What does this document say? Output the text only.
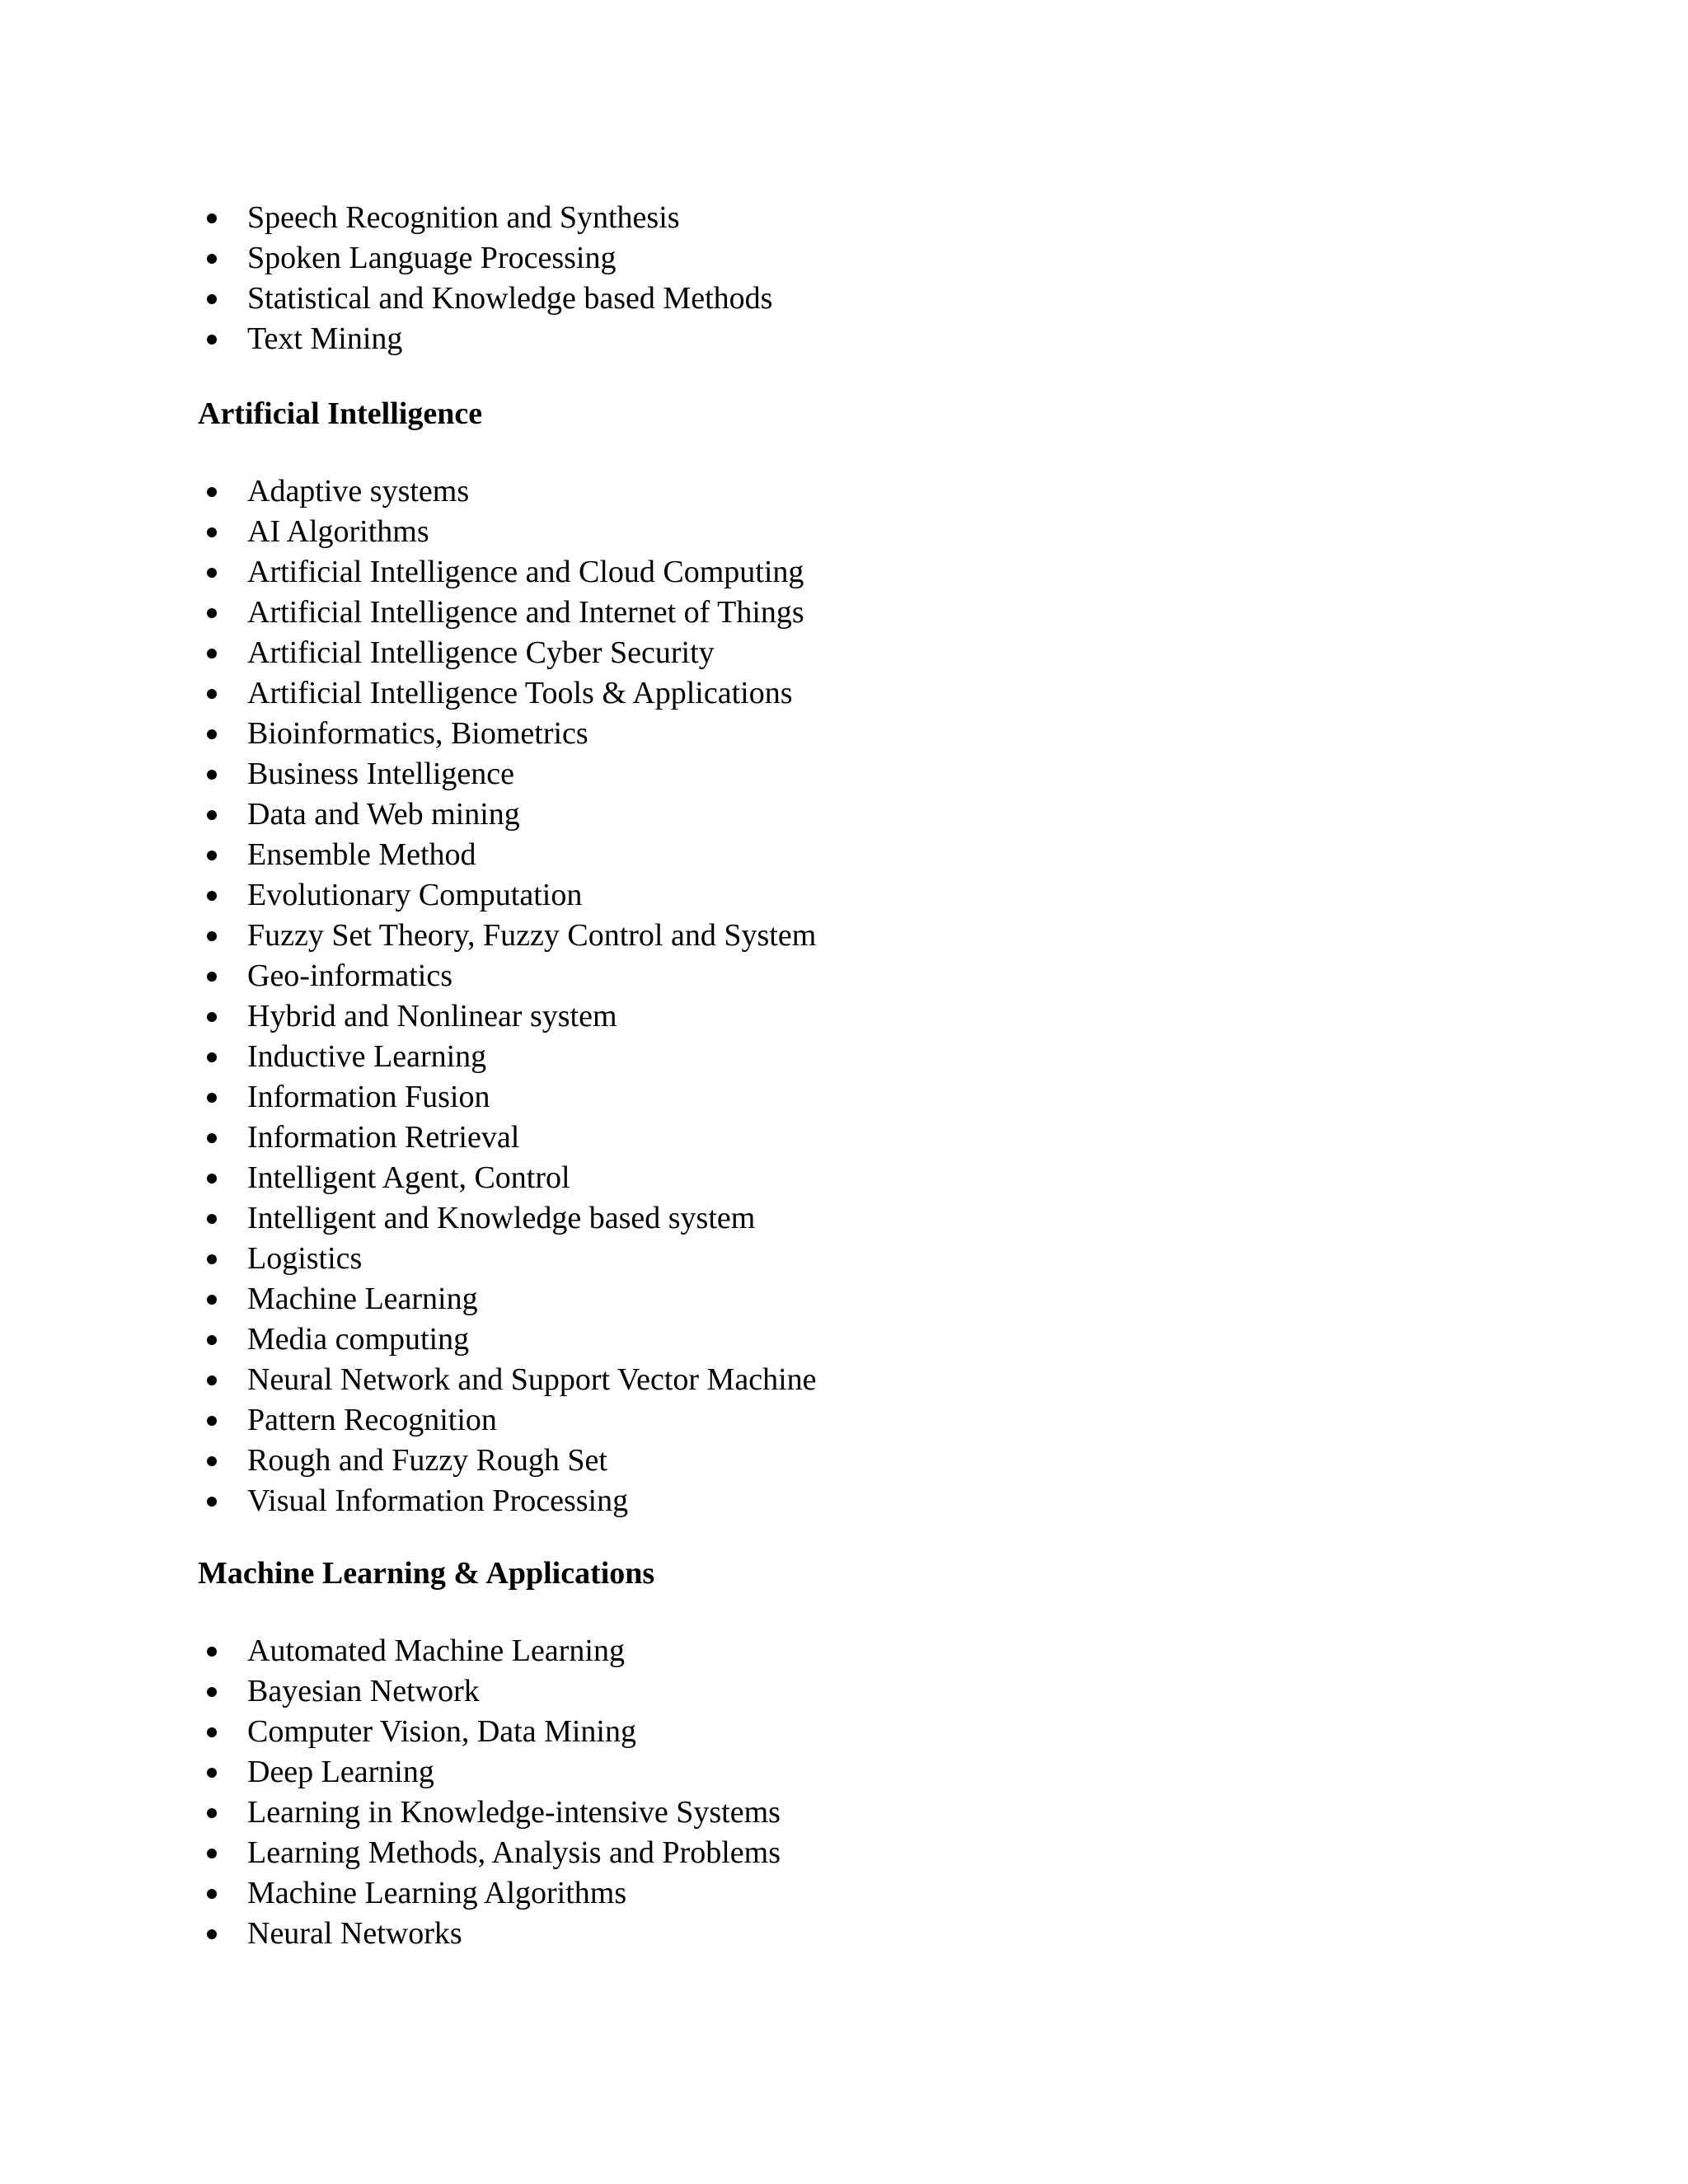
Speech Recognition and Synthesis
Spoken Language Processing
Statistical and Knowledge based Methods
Text Mining
Artificial Intelligence
Adaptive systems
AI Algorithms
Artificial Intelligence and Cloud Computing
Artificial Intelligence and Internet of Things
Artificial Intelligence Cyber Security
Artificial Intelligence Tools & Applications
Bioinformatics, Biometrics
Business Intelligence
Data and Web mining
Ensemble Method
Evolutionary Computation
Fuzzy Set Theory, Fuzzy Control and System
Geo-informatics
Hybrid and Nonlinear system
Inductive Learning
Information Fusion
Information Retrieval
Intelligent Agent, Control
Intelligent and Knowledge based system
Logistics
Machine Learning
Media computing
Neural Network and Support Vector Machine
Pattern Recognition
Rough and Fuzzy Rough Set
Visual Information Processing
Machine Learning & Applications
Automated Machine Learning
Bayesian Network
Computer Vision, Data Mining
Deep Learning
Learning in Knowledge-intensive Systems
Learning Methods, Analysis and Problems
Machine Learning Algorithms
Neural Networks
